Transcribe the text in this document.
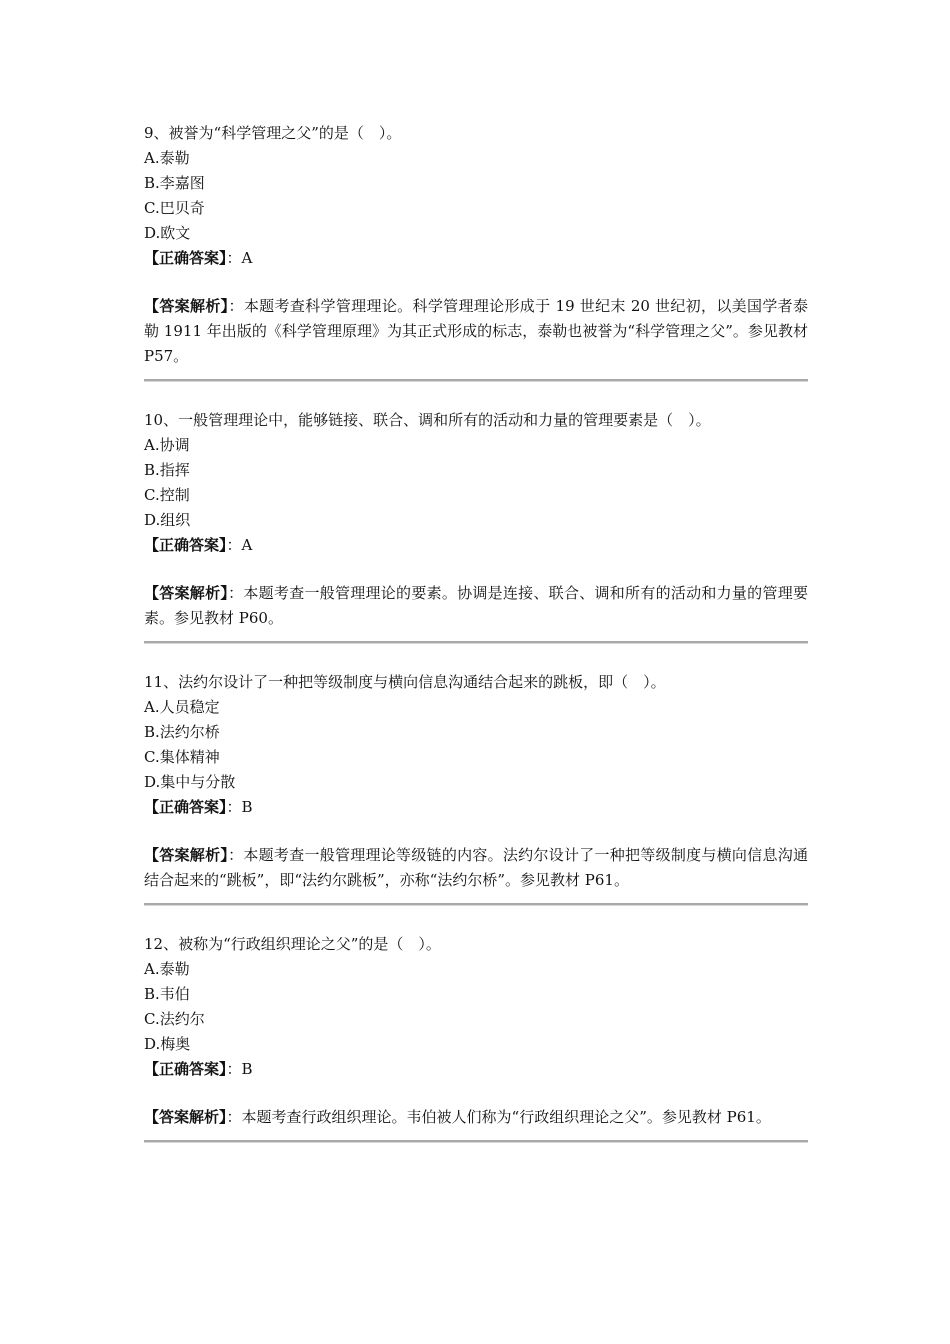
9、被誉为“科学管理之父”的是（　）。
A.泰勒
B.李嘉图
C.巴贝奇
D.欧文
【正确答案】：A
【答案解析】：本题考查科学管理理论。科学管理理论形成于 19 世纪末 20 世纪初，以美国学者泰勒 1911 年出版的《科学管理原理》为其正式形成的标志，泰勒也被誉为“科学管理之父”。参见教材 P57。
10、一般管理理论中，能够链接、联合、调和所有的活动和力量的管理要素是（　）。
A.协调
B.指挥
C.控制
D.组织
【正确答案】：A
【答案解析】：本题考查一般管理理论的要素。协调是连接、联合、调和所有的活动和力量的管理要素。参见教材 P60。
11、法约尔设计了一种把等级制度与横向信息沟通结合起来的跳板，即（　）。
A.人员稳定
B.法约尔桥
C.集体精神
D.集中与分散
【正确答案】：B
【答案解析】：本题考查一般管理理论等级链的内容。法约尔设计了一种把等级制度与横向信息沟通结合起来的“跳板”，即“法约尔跳板”，亦称“法约尔桥”。参见教材 P61。
12、被称为“行政组织理论之父”的是（　）。
A.泰勒
B.韦伯
C.法约尔
D.梅奥
【正确答案】：B
【答案解析】：本题考查行政组织理论。韦伯被人们称为“行政组织理论之父”。参见教材 P61。
